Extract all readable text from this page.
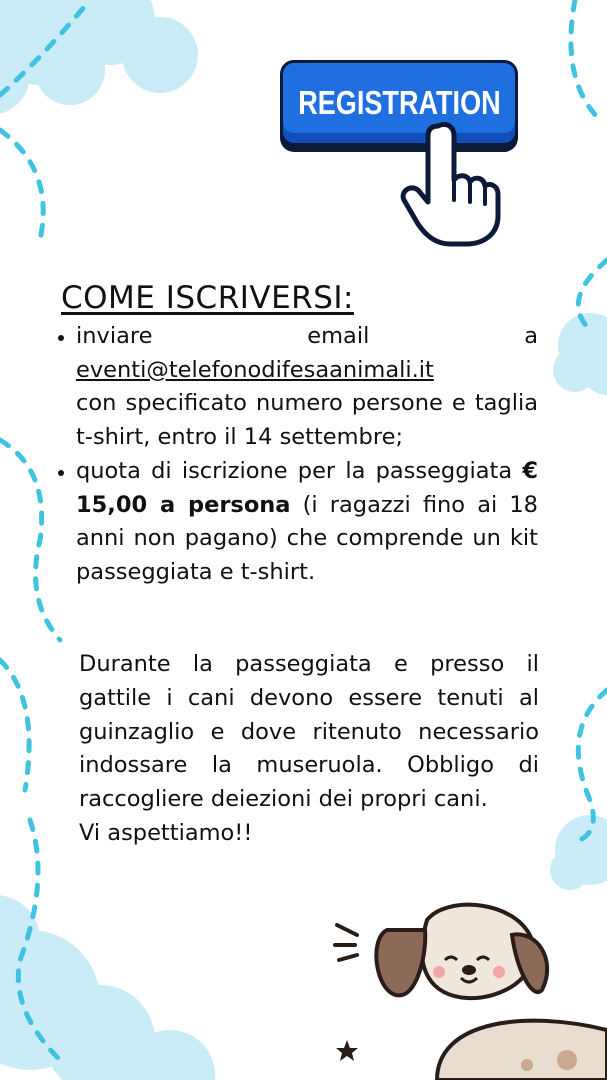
REGISTRATION
COME ISCRIVERSI:
inviare	email	a
eventi@telefonodifesaanimali.it
con specificato numero persone e taglia t-shirt, entro il 14 settembre;
quota di iscrizione per la passeggiata € 15,00 a persona (i ragazzi fino ai 18 anni non pagano) che comprende un kit passeggiata e t-shirt.
Durante la passeggiata e presso il gattile i cani devono essere tenuti al guinzaglio e dove ritenuto necessario indossare la museruola. Obbligo di raccogliere deiezioni dei propri cani.
Vi aspettiamo!!
